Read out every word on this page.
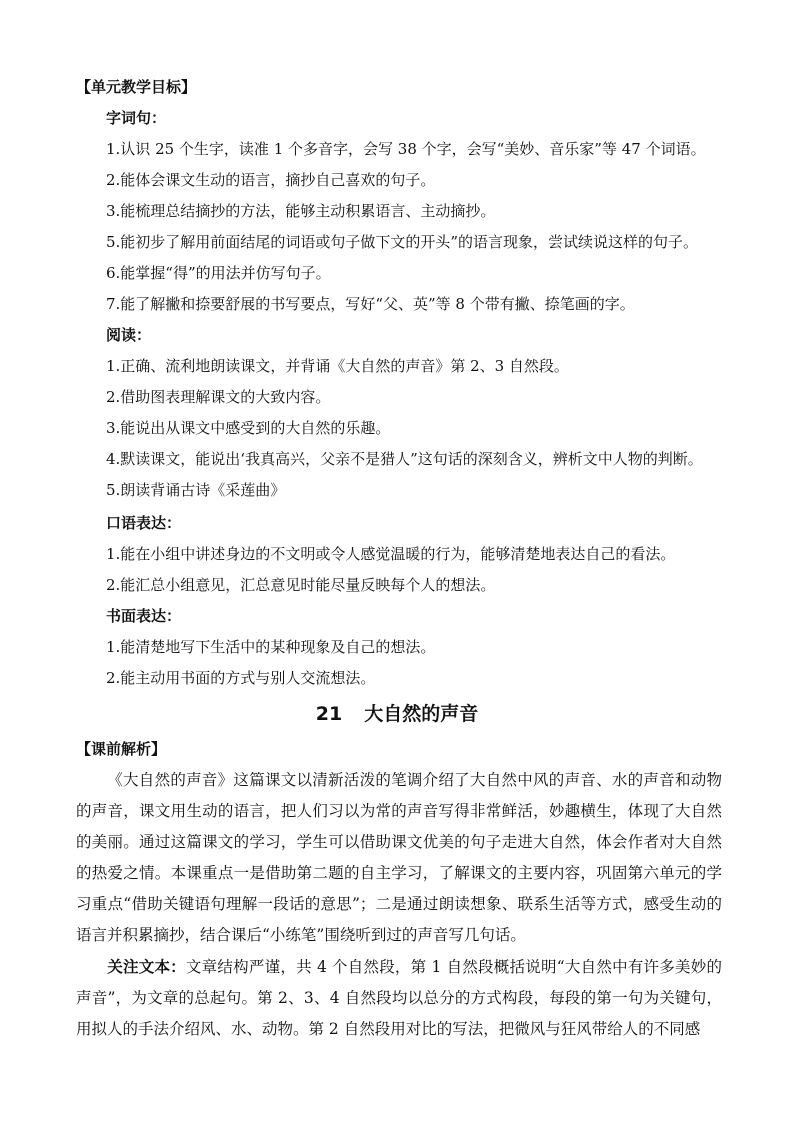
【单元教学目标】
字词句：
1.认识 25 个生字，读准 1 个多音字，会写 38 个字，会写“美妙、音乐家”等 47 个词语。
2.能体会课文生动的语言，摘抄自己喜欢的句子。
3.能梳理总结摘抄的方法，能够主动积累语言、主动摘抄。
5.能初步了解用前面结尾的词语或句子做下文的开头”的语言现象，尝试续说这样的句子。
6.能掌握“得”的用法并仿写句子。
7.能了解撇和捺要舒展的书写要点，写好“父、英”等 8 个带有撇、捺笔画的字。
阅读：
1.正确、流利地朗读课文，并背诵《大自然的声音》第 2、3 自然段。
2.借助图表理解课文的大致内容。
3.能说出从课文中感受到的大自然的乐趣。
4.默读课文，能说出‘我真高兴，父亲不是猎人”这句话的深刻含义，辨析文中人物的判断。
5.朗读背诵古诗《采莲曲》
口语表达：
1.能在小组中讲述身边的不文明或令人感觉温暖的行为，能够清楚地表达自己的看法。
2.能汇总小组意见，汇总意见时能尽量反映每个人的想法。
书面表达：
1.能清楚地写下生活中的某种现象及自己的想法。
2.能主动用书面的方式与别人交流想法。
21 大自然的声音
【课前解析】
《大自然的声音》这篇课文以清新活泼的笔调介绍了大自然中风的声音、水的声音和动物的声音，课文用生动的语言，把人们习以为常的声音写得非常鲜活，妙趣横生，体现了大自然的美丽。通过这篇课文的学习，学生可以借助课文优美的句子走进大自然，体会作者对大自然的热爱之情。本课重点一是借助第二题的自主学习，了解课文的主要内容，巩固第六单元的学习重点“借助关键语句理解一段话的意思”；二是通过朗读想象、联系生活等方式，感受生动的语言并积累摘抄，结合课后“小练笔”围绕听到过的声音写几句话。
关注文本：文章结构严谨，共 4 个自然段，第 1 自然段概括说明“大自然中有许多美妙的声音”，为文章的总起句。第 2、3、4 自然段均以总分的方式构段，每段的第一句为关键句，用拟人的手法介绍风、水、动物。第 2 自然段用对比的写法，把微风与狂风带给人的不同感
